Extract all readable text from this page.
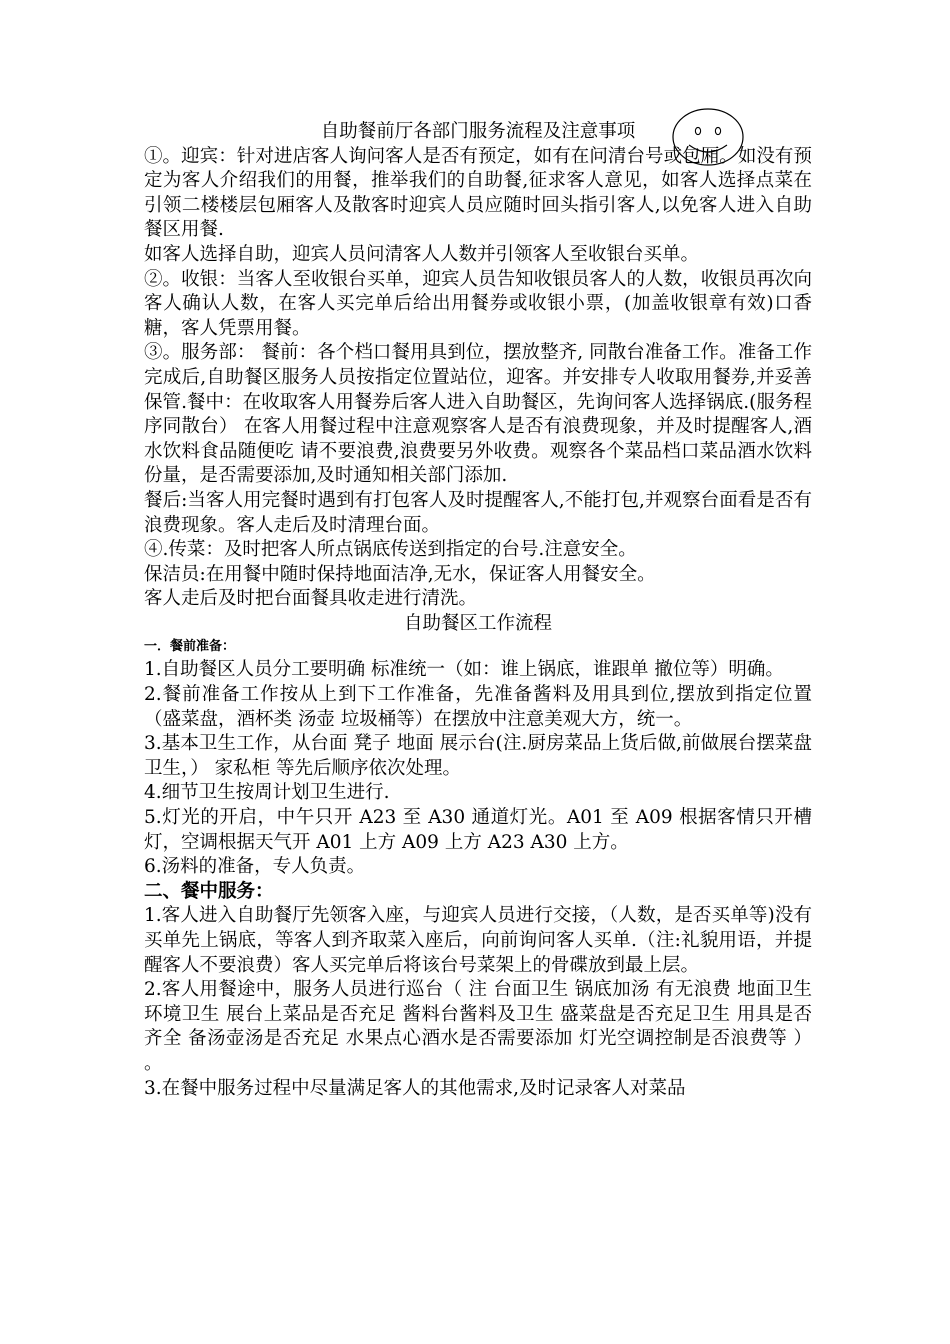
自助餐前厅各部门服务流程及注意事项

①。迎宾：针对进店客人询问客人是否有预定，如有在问清台号或包厢。如没有预定为客人介绍我们的用餐，推举我们的自助餐,征求客人意见，如客人选择点菜在引领二楼楼层包厢客人及散客时迎宾人员应随时回头指引客人,以免客人进入自助餐区用餐.

如客人选择自助，迎宾人员问清客人人数并引领客人至收银台买单。

②。收银：当客人至收银台买单，迎宾人员告知收银员客人的人数，收银员再次向客人确认人数，在客人买完单后给出用餐券或收银小票，(加盖收银章有效)口香糖，客人凭票用餐。

③。服务部： 餐前：各个档口餐用具到位，摆放整齐, 同散台准备工作。准备工作完成后,自助餐区服务人员按指定位置站位，迎客。并安排专人收取用餐券,并妥善保管.餐中：在收取客人用餐券后客人进入自助餐区，先询问客人选择锅底.(服务程序同散台） 在客人用餐过程中注意观察客人是否有浪费现象，并及时提醒客人,酒水饮料食品随便吃 请不要浪费,浪费要另外收费。观察各个菜品档口菜品酒水饮料份量，是否需要添加,及时通知相关部门添加.

餐后:当客人用完餐时遇到有打包客人及时提醒客人,不能打包,并观察台面看是否有浪费现象。客人走后及时清理台面。

④.传菜：及时把客人所点锅底传送到指定的台号.注意安全。

保洁员:在用餐中随时保持地面洁净,无水，保证客人用餐安全。

客人走后及时把台面餐具收走进行清洗。

自助餐区工作流程

一．餐前准备：

1.自助餐区人员分工要明确 标准统一（如：谁上锅底，谁跟单 撤位等）明确。

2.餐前准备工作按从上到下工作准备，先准备酱料及用具到位,摆放到指定位置（盛菜盘，酒杯类 汤壶 垃圾桶等）在摆放中注意美观大方，统一。

3.基本卫生工作，从台面 凳子 地面 展示台(注.厨房菜品上货后做,前做展台摆菜盘卫生，） 家私柜 等先后顺序依次处理。

4.细节卫生按周计划卫生进行.

5.灯光的开启，中午只开 A23 至 A30 通道灯光。A01 至 A09 根据客情只开槽灯，空调根据天气开 A01 上方 A09 上方 A23 A30 上方。

6.汤料的准备，专人负责。

二、餐中服务：

1.客人进入自助餐厅先领客入座，与迎宾人员进行交接，（人数，是否买单等)没有买单先上锅底，等客人到齐取菜入座后，向前询问客人买单.（注:礼貌用语，并提醒客人不要浪费）客人买完单后将该台号菜架上的骨碟放到最上层。

2.客人用餐途中，服务人员进行巡台（ 注 台面卫生 锅底加汤 有无浪费 地面卫生 环境卫生 展台上菜品是否充足 酱料台酱料及卫生 盛菜盘是否充足卫生 用具是否齐全 备汤壶汤是否充足 水果点心酒水是否需要添加 灯光空调控制是否浪费等 ） 。

3.在餐中服务过程中尽量满足客人的其他需求,及时记录客人对菜品
